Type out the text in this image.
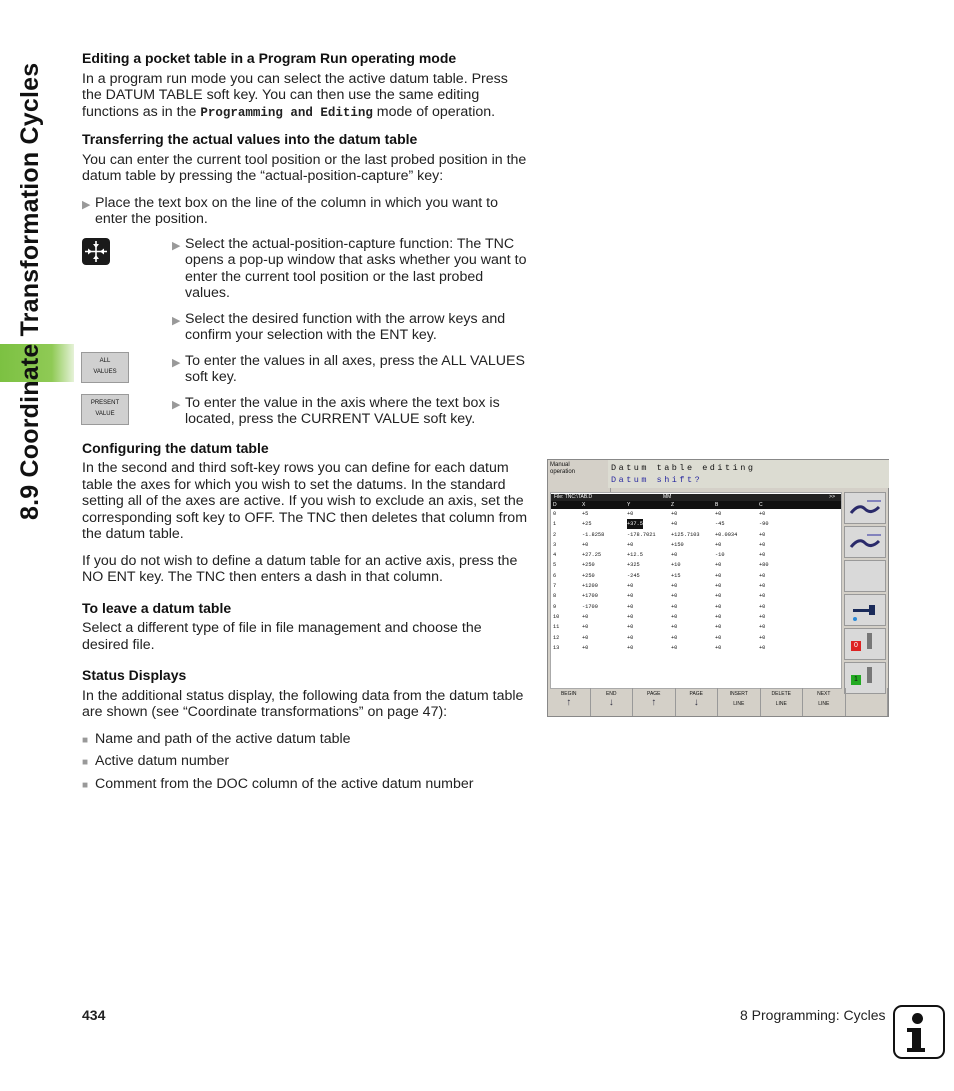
8.9 Coordinate Transformation Cycles
Editing a pocket table in a Program Run operating mode

In a program run mode you can select the active datum table. Press the DATUM TABLE soft key. You can then use the same editing functions as in the Programming and Editing mode of operation.

Transferring the actual values into the datum table

You can enter the current tool position or the last probed position in the datum table by pressing the “actual-position-capture” key:

▶ Place the text box on the line of the column in which you want to enter the position.
▶ Select the actual-position-capture function: The TNC opens a pop-up window that asks whether you want to enter the current tool position or the last probed values.
▶ Select the desired function with the arrow keys and confirm your selection with the ENT key.
▶ To enter the values in all axes, press the ALL VALUES soft key.
▶ To enter the value in the axis where the text box is located, press the CURRENT VALUE soft key.
Configuring the datum table

In the second and third soft-key rows you can define for each datum table the axes for which you wish to set the datums. In the standard setting all of the axes are active. If you wish to exclude an axis, set the corresponding soft key to OFF. The TNC then deletes that column from the datum table.

If you do not wish to define a datum table for an active axis, press the NO ENT key. The TNC then enters a dash in that column.

To leave a datum table

Select a different type of file in file management and choose the desired file.

Status Displays

In the additional status display, the following data from the datum table are shown (see “Coordinate transformations” on page 47):

■ Name and path of the active datum table
■ Active datum number
■ Comment from the DOC column of the active datum number
ALL
VALUES
PRESENT
VALUE
Manual
operation	Datum table editing
Datum shift?
File: TNC:\TAB.D	MM	>>
D	X	Y	Z	B	C
0	+5	+0	+0	+0	+0
1	+25	+37.5	+0	-45	-90
2	-1.8258	-178.7021	+125.7103	+0.0034	+0
3	+0	+0	+150	+0	+0
4	+27.25	+12.5	+0	-10	+0
5	+250	+325	+10	+0	+80
6	+250	-245	+15	+0	+0
7	+1200	+0	+0	+0	+0
8	+1700	+0	+0	+0	+0
9	-1700	+0	+0	+0	+0
10	+0	+0	+0	+0	+0
11	+0	+0	+0	+0	+0
12	+0	+0	+0	+0	+0
13	+0	+0	+0	+0	+0	0
1
BEGIN
↑
END
↓
PAGE
↑
PAGE
↓
INSERT
LINE
DELETE
LINE
NEXT
LINE
434	8 Programming: Cycles
